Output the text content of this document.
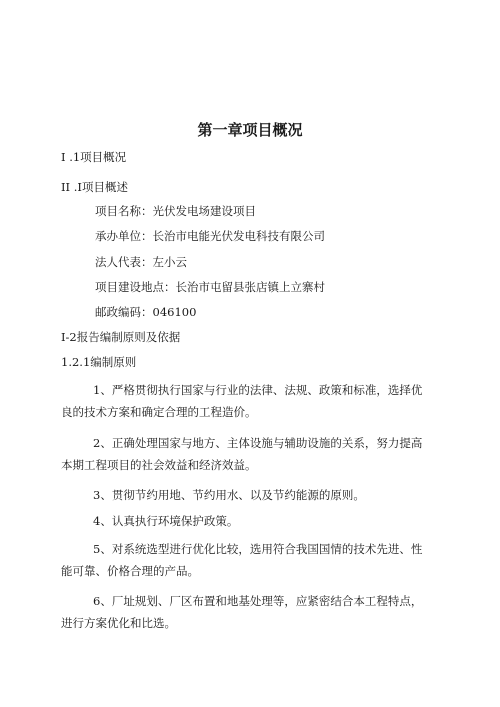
第一章项目概况

I .1项目概况

II .I项目概述

项目名称：光伏发电场建设项目

承办单位：长治市电能光伏发电科技有限公司

法人代表：左小云

项目建设地点：长治市屯留县张店镇上立寨村

邮政编码：046100

I-2报告编制原则及依据

1.2.1编制原则

1、严格贯彻执行国家与行业的法律、法规、政策和标准，选择优良的技术方案和确定合理的工程造价。

2、正确处理国家与地方、主体设施与辅助设施的关系，努力提高本期工程项目的社会效益和经济效益。

3、贯彻节约用地、节约用水、以及节约能源的原则。

4、认真执行环境保护政策。

5、对系统选型进行优化比较，选用符合我国国情的技术先进、性能可靠、价格合理的产品。

6、厂址规划、厂区布置和地基处理等，应紧密结合本工程特点，进行方案优化和比选。
